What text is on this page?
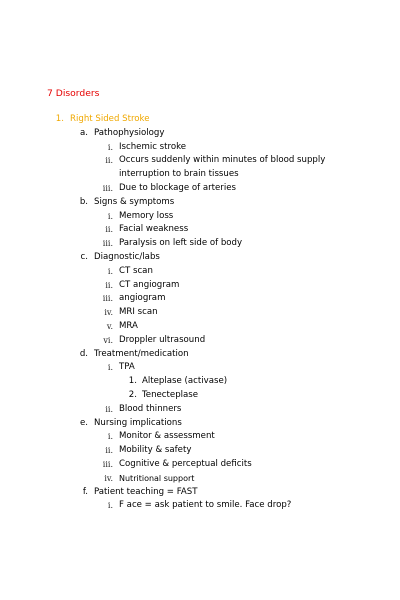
7 Disorders
1. Right Sided Stroke
a. Pathophysiology
i. Ischemic stroke
ii. Occurs suddenly within minutes of blood supply
interruption to brain tissues
iii. Due to blockage of arteries
b. Signs & symptoms
i. Memory loss
ii. Facial weakness
iii. Paralysis on left side of body
c. Diagnostic/labs
i. CT scan
ii. CT angiogram
iii. angiogram
iv. MRI scan
v. MRA
vi. Droppler ultrasound
d. Treatment/medication
i. TPA
1. Alteplase (activase)
2. Tenecteplase
ii. Blood thinners
e. Nursing implications
i. Monitor & assessment
ii. Mobility & safety
iii. Cognitive & perceptual deficits
iv. Nutritional support
f. Patient teaching = FAST
i. F ace = ask patient to smile. Face drop?
